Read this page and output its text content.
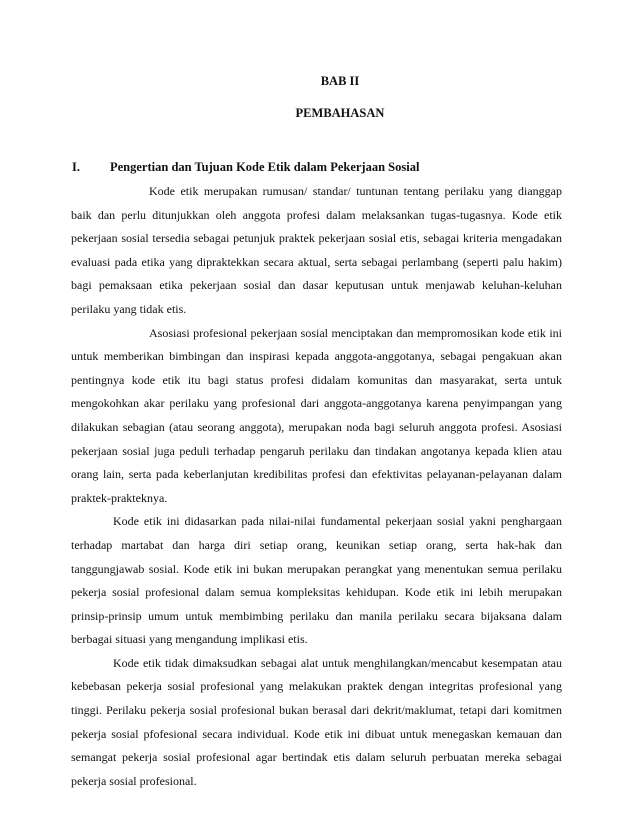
BAB II
PEMBAHASAN
I. Pengertian dan Tujuan Kode Etik dalam Pekerjaan Sosial

Kode etik merupakan rumusan/ standar/ tuntunan tentang perilaku yang dianggap baik dan perlu ditunjukkan oleh anggota profesi dalam melaksankan tugas-tugasnya. Kode etik pekerjaan sosial tersedia sebagai petunjuk praktek pekerjaan sosial etis, sebagai kriteria mengadakan evaluasi pada etika yang dipraktekkan secara aktual, serta sebagai perlambang (seperti palu hakim) bagi pemaksaan etika pekerjaan sosial dan dasar keputusan untuk menjawab keluhan-keluhan perilaku yang tidak etis.

Asosiasi profesional pekerjaan sosial menciptakan dan mempromosikan kode etik ini untuk memberikan bimbingan dan inspirasi kepada anggota-anggotanya, sebagai pengakuan akan pentingnya kode etik itu bagi status profesi didalam komunitas dan masyarakat, serta untuk mengokohkan akar perilaku yang profesional dari anggota-anggotanya karena penyimpangan yang dilakukan sebagian (atau seorang anggota), merupakan noda bagi seluruh anggota profesi. Asosiasi pekerjaan sosial juga peduli terhadap pengaruh perilaku dan tindakan angotanya kepada klien atau orang lain, serta pada keberlanjutan kredibilitas profesi dan efektivitas pelayanan-pelayanan dalam praktek-prakteknya.

Kode etik ini didasarkan pada nilai-nilai fundamental pekerjaan sosial yakni penghargaan terhadap martabat dan harga diri setiap orang, keunikan setiap orang, serta hak-hak dan tanggungjawab sosial. Kode etik ini bukan merupakan perangkat yang menentukan semua perilaku pekerja sosial profesional dalam semua kompleksitas kehidupan. Kode etik ini lebih merupakan prinsip-prinsip umum untuk membimbing perilaku dan manila perilaku secara bijaksana dalam berbagai situasi yang mengandung implikasi etis.

Kode etik tidak dimaksudkan sebagai alat untuk menghilangkan/mencabut kesempatan atau kebebasan pekerja sosial profesional yang melakukan praktek dengan integritas profesional yang tinggi. Perilaku pekerja sosial profesional bukan berasal dari dekrit/maklumat, tetapi dari komitmen pekerja sosial pfofesional secara individual. Kode etik ini dibuat untuk menegaskan kemauan dan semangat pekerja sosial profesional agar bertindak etis dalam seluruh perbuatan mereka sebagai pekerja sosial profesional.
